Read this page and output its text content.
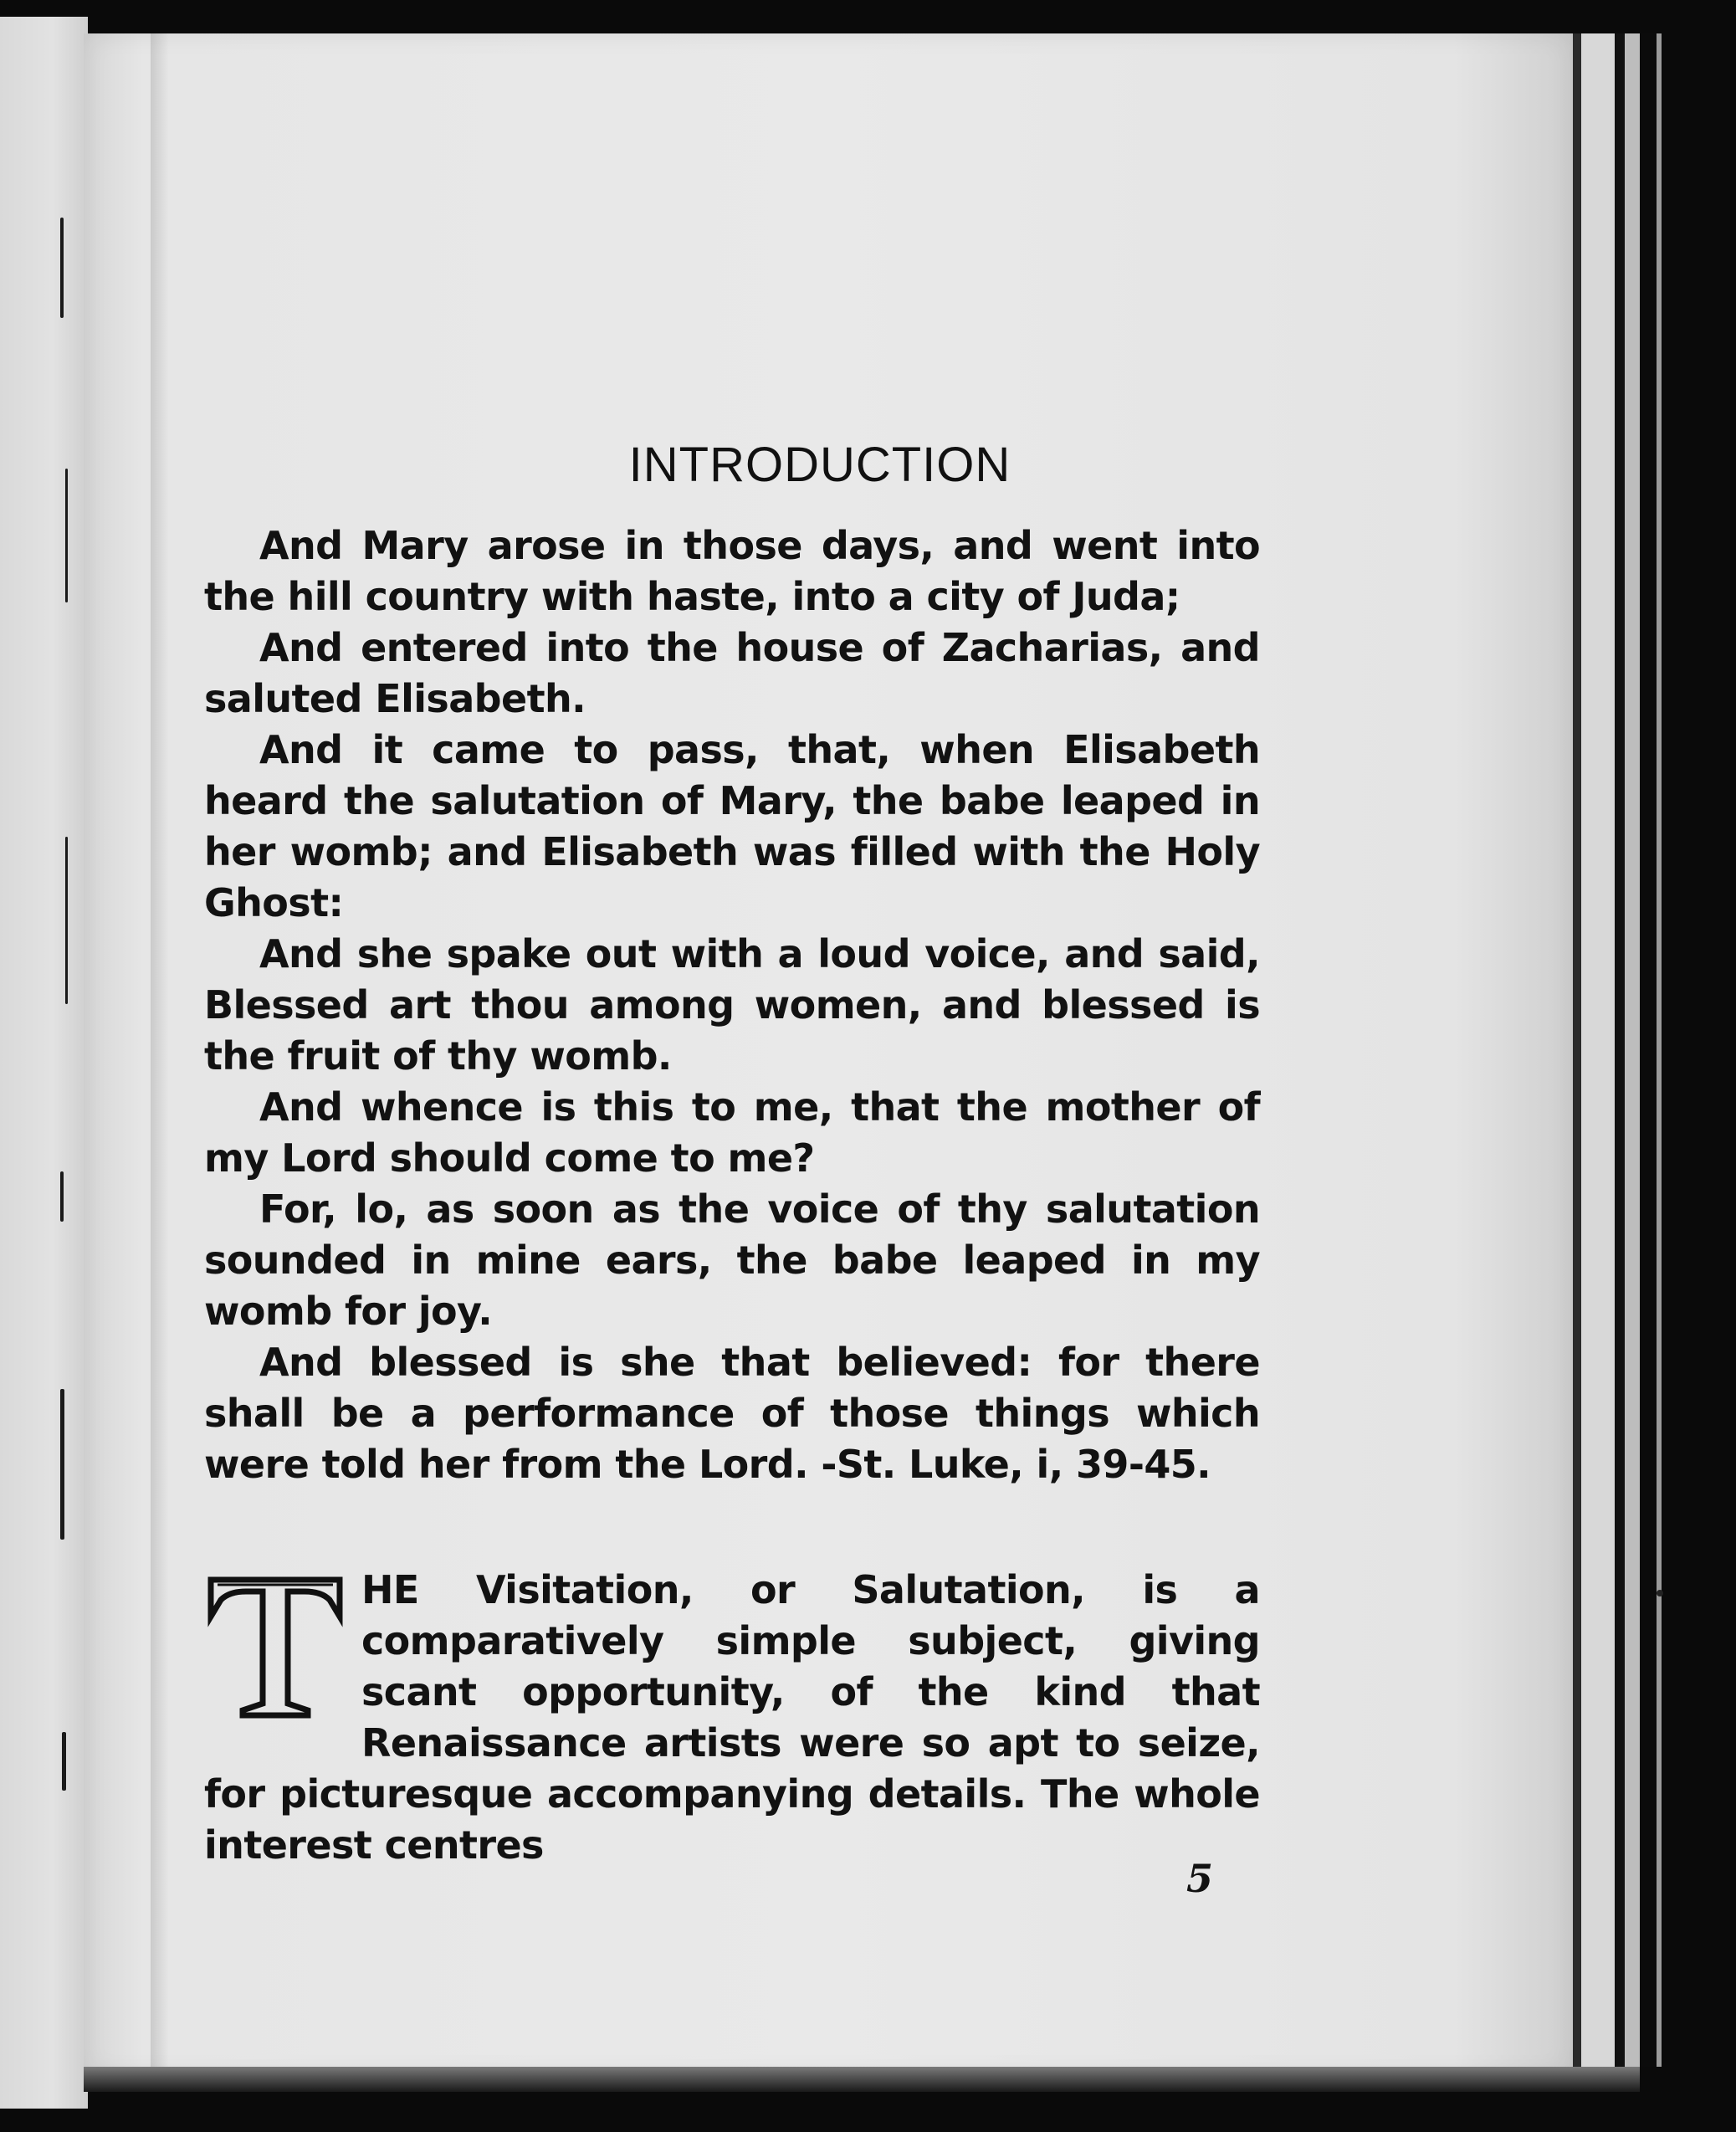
INTRODUCTION

And Mary arose in those days, and went into the hill country with haste, into a city of Juda;

And entered into the house of Zacharias, and saluted Elisabeth.

And it came to pass, that, when Elisabeth heard the salutation of Mary, the babe leaped in her womb; and Elisabeth was filled with the Holy Ghost:

And she spake out with a loud voice, and said, Blessed art thou among women, and blessed is the fruit of thy womb.

And whence is this to me, that the mother of my Lord should come to me?

For, lo, as soon as the voice of thy salutation sounded in mine ears, the babe leaped in my womb for joy.

And blessed is she that believed: for there shall be a performance of those things which were told her from the Lord. -St. Luke, i, 39-45.

HE Visitation, or Salutation, is a comparatively simple subject, giving scant opportunity, of the kind that Renaissance artists were so apt to seize, for picturesque accompanying details. The whole interest centres
5
